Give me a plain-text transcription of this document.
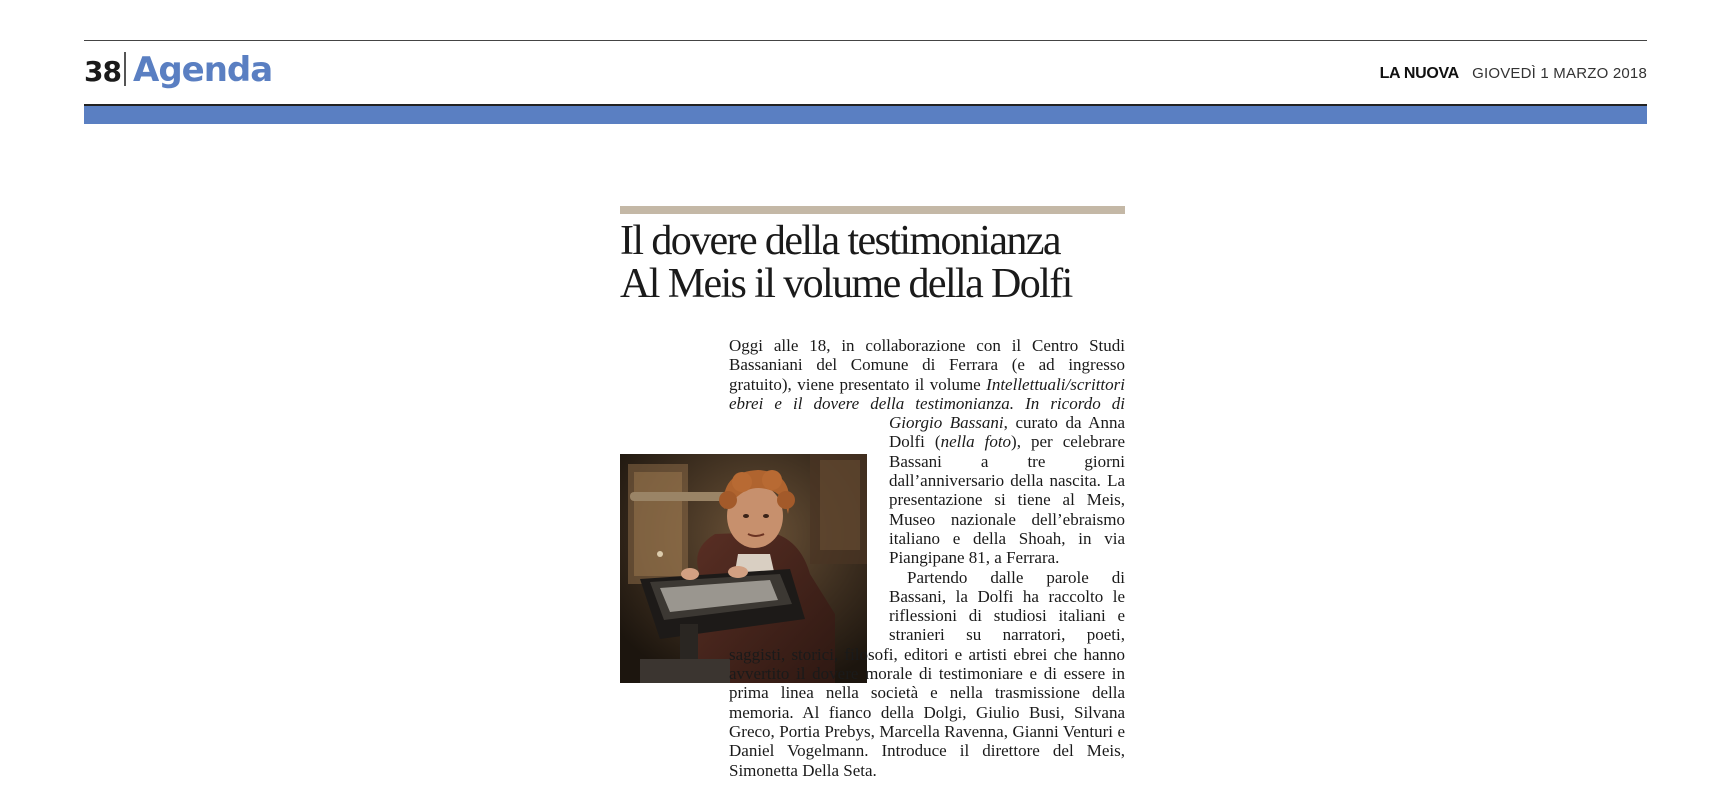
38 Agenda	LA NUOVA GIOVEDÌ 1 MARZO 2018
Il dovere della testimonianza
Al Meis il volume della Dolfi

Oggi alle 18, in collaborazione con il Centro Studi Bassaniani del Comune di Ferrara (e ad ingresso gratuito), viene presentato il volume Intellettuali/scrittori ebrei e il dovere della testimonianza. In ricordo di Giorgio Bassani, curato da Anna Dolfi (nella foto), per celebrare Bassani a tre giorni dall’anniversario della nascita. La presentazione si tiene al Meis, Museo nazionale dell’ebraismo italiano e della Shoah, in via Piangipane 81, a Ferrara.

Partendo dalle parole di Bassani, la Dolfi ha raccolto le riflessioni di studiosi italiani e stranieri su narratori, poeti, saggisti, storici, filosofi, editori e artisti ebrei che hanno avvertito il dovere morale di testimoniare e di essere in prima linea nella società e nella trasmissione della memoria. Al fianco della Dolgi, Giulio Busi, Silvana Greco, Portia Prebys, Marcella Ravenna, Gianni Venturi e Daniel Vogelmann. Introduce il direttore del Meis, Simonetta Della Seta.
